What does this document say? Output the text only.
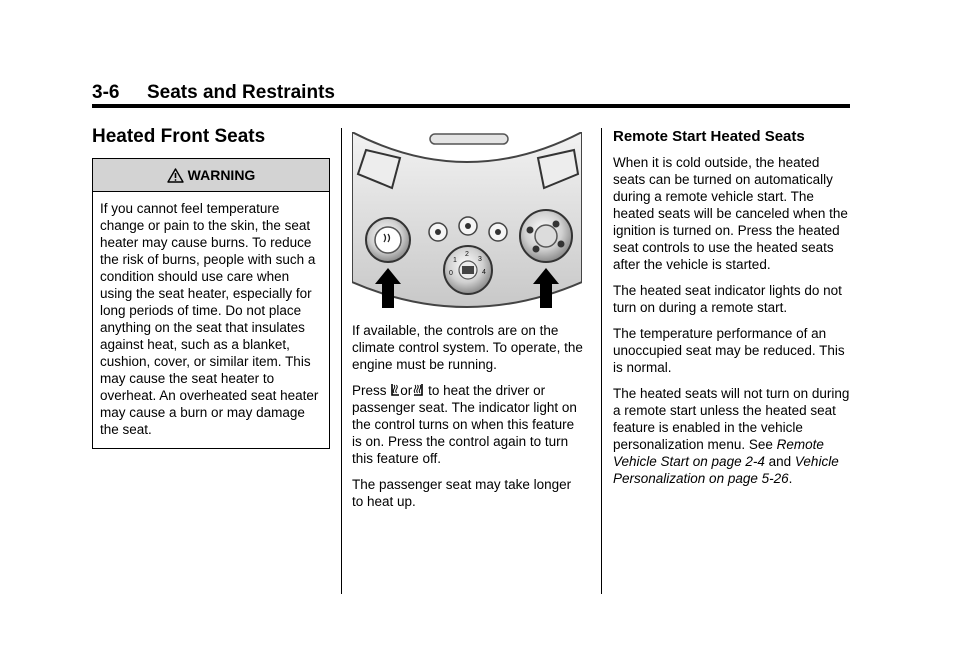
3-6 Seats and Restraints
Heated Front Seats
WARNING
If you cannot feel temperature change or pain to the skin, the seat heater may cause burns. To reduce the risk of burns, people with such a condition should use care when using the seat heater, especially for long periods of time. Do not place anything on the seat that insulates against heat, such as a blanket, cushion, cover, or similar item. This may cause the seat heater to overheat. An overheated seat heater may cause a burn or may damage the seat.
0
1
2
3
4

If available, the controls are on the climate control system. To operate, the engine must be running.

Press or to heat the driver or passenger seat. The indicator light on the control turns on when this feature is on. Press the control again to turn this feature off.

The passenger seat may take longer to heat up.

Remote Start Heated Seats

When it is cold outside, the heated seats can be turned on automatically during a remote vehicle start. The heated seats will be canceled when the ignition is turned on. Press the heated seat controls to use the heated seats after the vehicle is started.

The heated seat indicator lights do not turn on during a remote start.

The temperature performance of an unoccupied seat may be reduced. This is normal.

The heated seats will not turn on during a remote start unless the heated seat feature is enabled in the vehicle personalization menu. See Remote Vehicle Start on page 2-4 and Vehicle Personalization on page 5-26.
